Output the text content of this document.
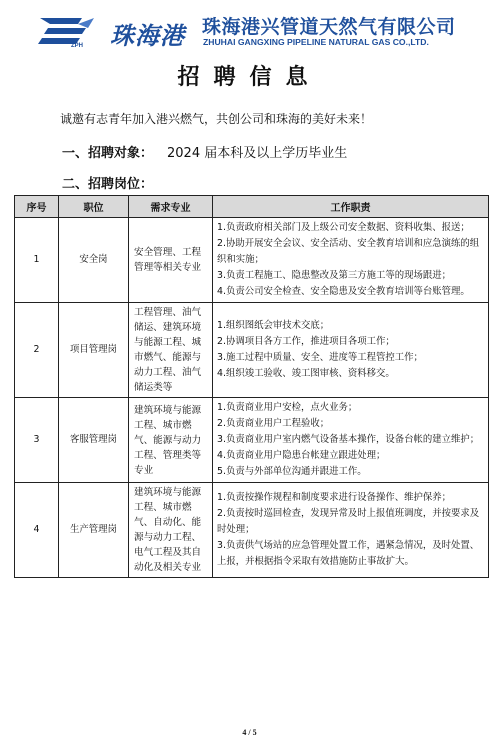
ZPH 珠海港 珠海港兴管道天然气有限公司
ZHUHAI GANGXING PIPELINE NATURAL GAS CO.,LTD.
招聘信息
诚邀有志青年加入港兴燃气，共创公司和珠海的美好未来！
一、招聘对象： 2024 届本科及以上学历毕业生
二、招聘岗位：
序号	职位	需求专业	工作职责
1	安全岗	安全管理、工程管理等相关专业	1.负责政府相关部门及上级公司安全数据、资料收集、报送；
2.协助开展安全会议、安全活动、安全教育培训和应急演练的组织和实施；
3.负责工程施工、隐患整改及第三方施工等的现场跟进；
4.负责公司安全检查、安全隐患及安全教育培训等台账管理。

2	项目管理岗	工程管理、油气储运、建筑环境与能源工程、城市燃气、能源与动力工程、油气储运类等	1.组织图纸会审技术交底；
2.协调项目各方工作，推进项目各项工作；
3.施工过程中质量、安全、进度等工程管控工作；
4.组织竣工验收、竣工图审核、资料移交。

3	客服管理岗	建筑环境与能源工程、城市燃气、能源与动力工程、管理类等专业	1.负责商业用户安检，点火业务；
2.负责商业用户工程验收；
3.负责商业用户室内燃气设备基本操作，设备台帐的建立维护；
4.负责商业用户隐患台帐建立跟进处理；
5.负责与外部单位沟通并跟进工作。

4	生产管理岗	建筑环境与能源工程、城市燃气、自动化、能源与动力工程、电气工程及其自动化及相关专业	1.负责按操作规程和制度要求进行设备操作、维护保养；
2.负责按时巡回检查，发现异常及时上报值班调度，并按要求及时处理；
3.负责供气场站的应急管理处置工作，遇紧急情况，及时处置、上报，并根据指令采取有效措施防止事故扩大。
4 / 5
